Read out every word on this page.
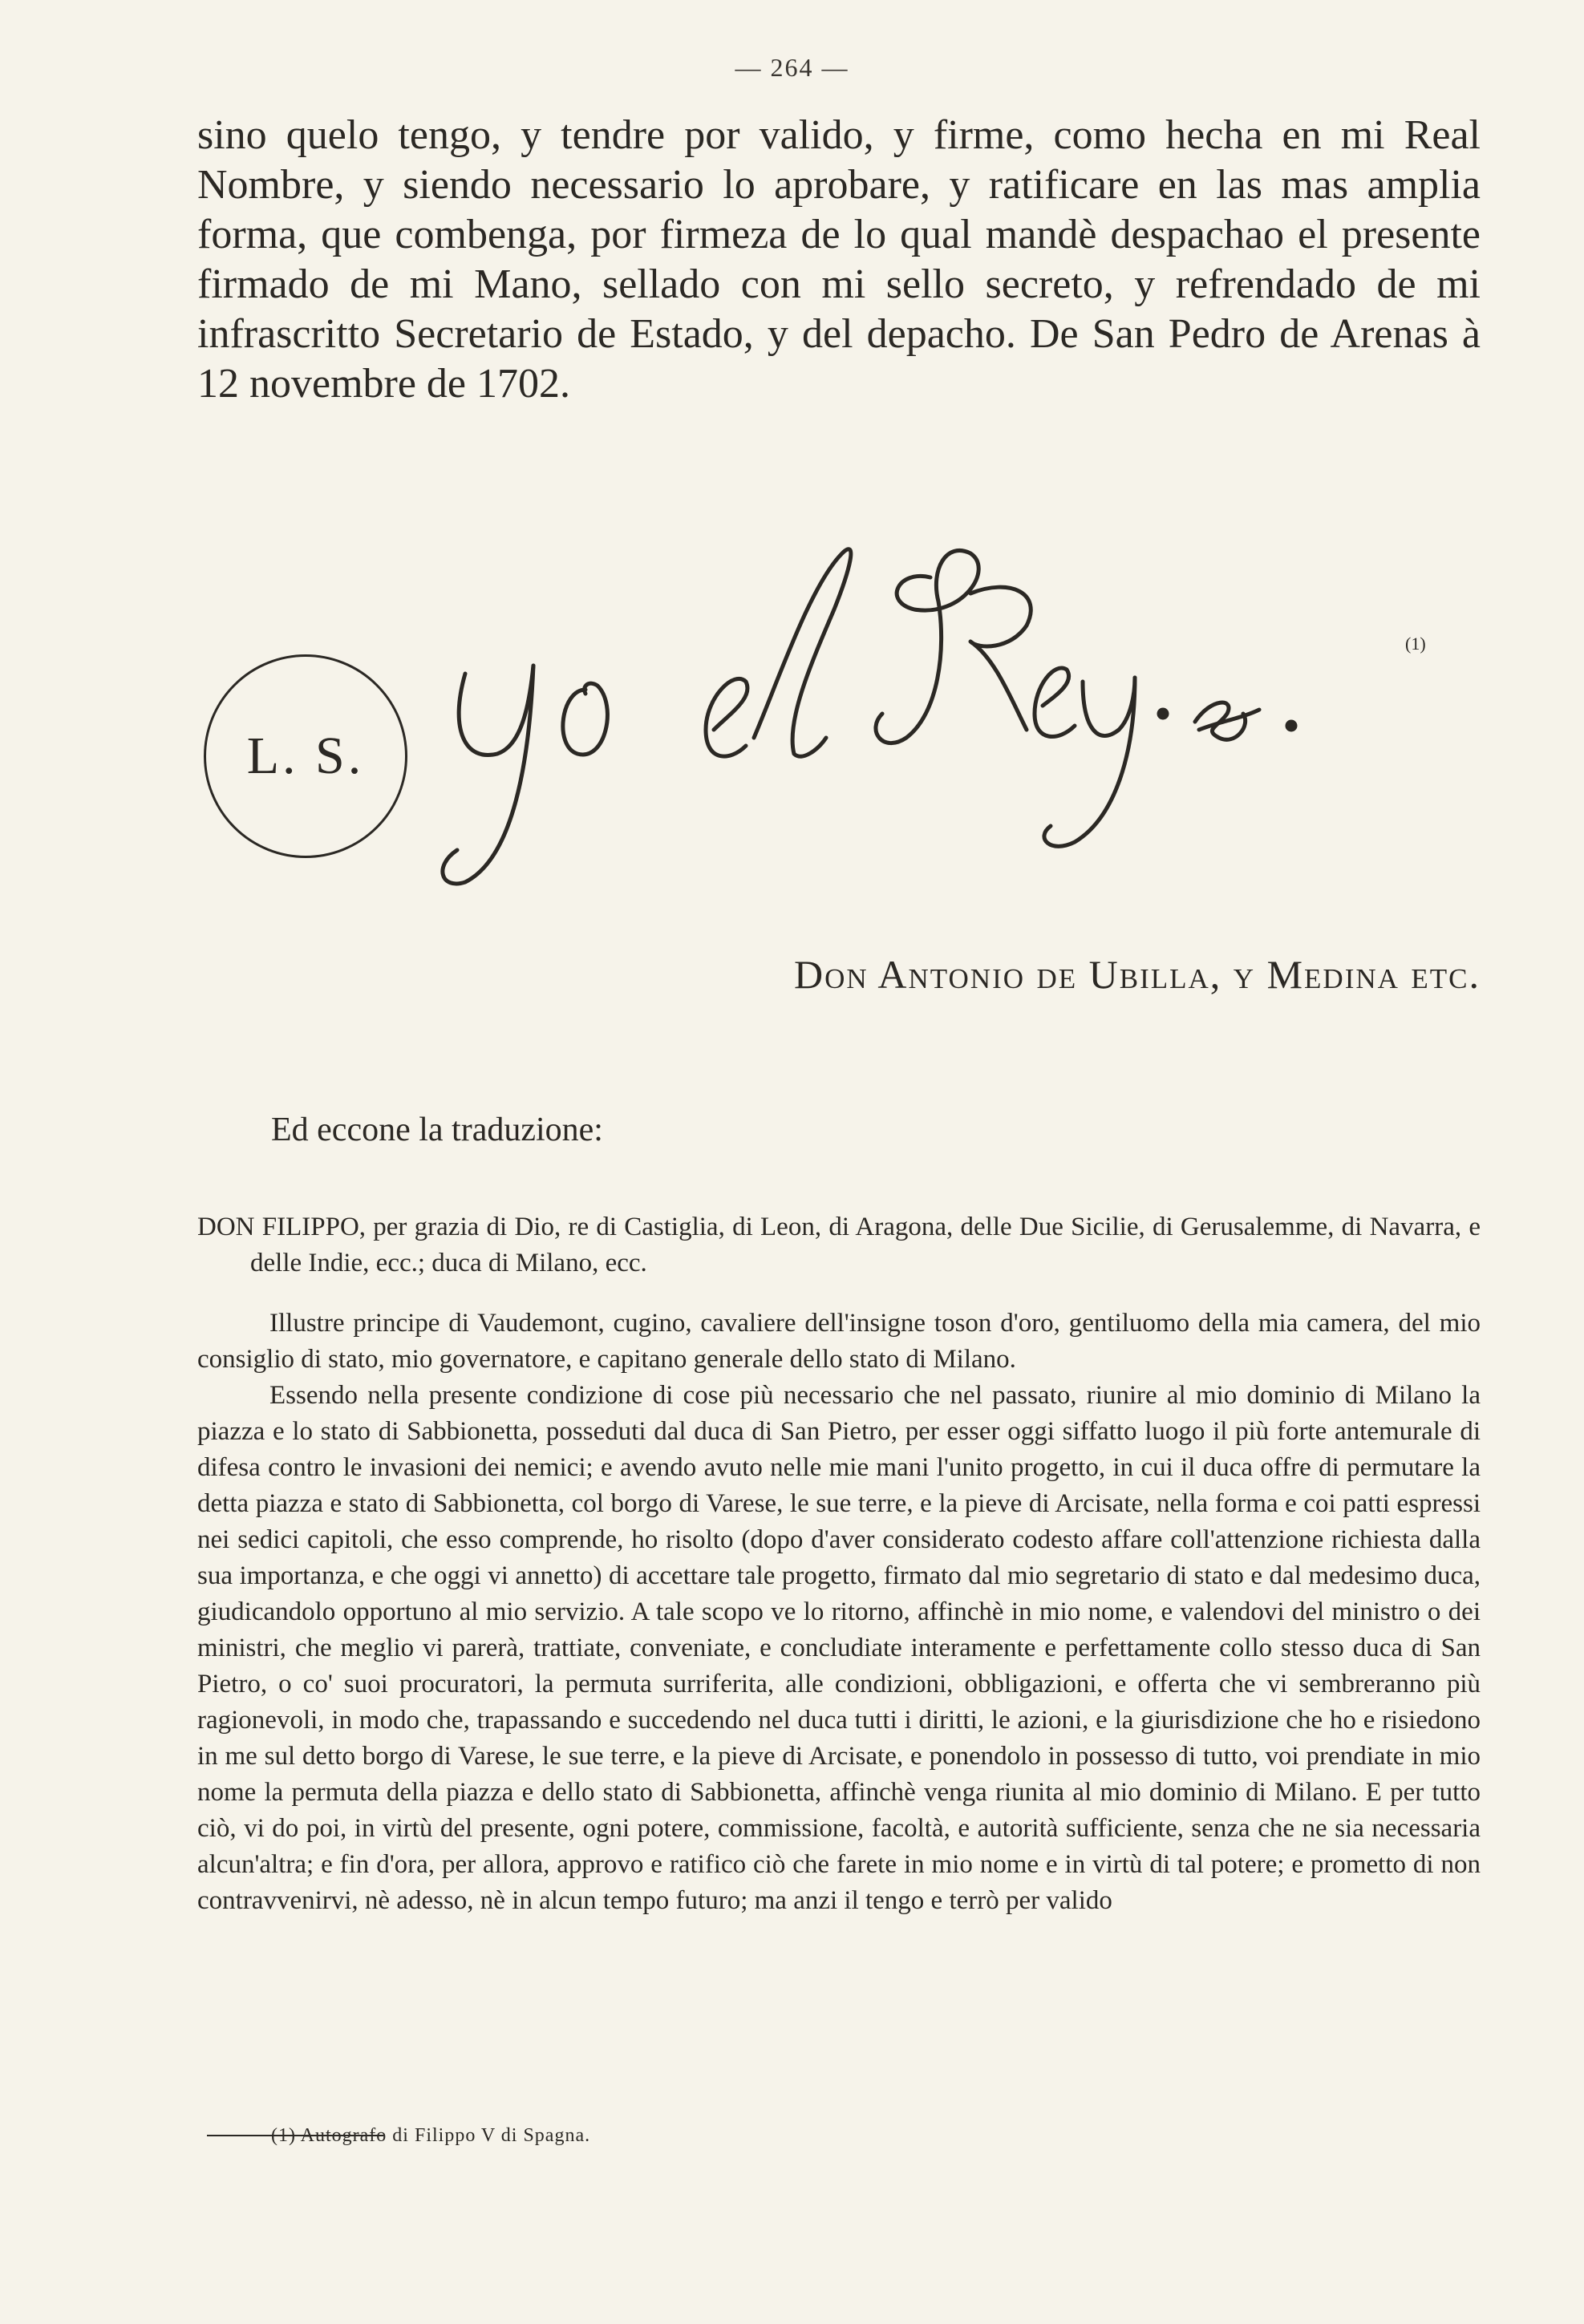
— 264 —
sino quelo tengo, y tendre por valido, y firme, como hecha en mi Real Nombre, y siendo necessario lo aprobare, y ratificare en las mas amplia forma, que combenga, por firmeza de lo qual mandè despachao el presente firmado de mi Mano, sellado con mi sello secreto, y refrendado de mi infrascritto Secretario de Estado, y del depacho. De San Pedro de Arenas à 12 novembre de 1702.
L. S.
(1)
Don Antonio de Ubilla, y Medina etc.
Ed eccone la traduzione:

DON FILIPPO, per grazia di Dio, re di Castiglia, di Leon, di Aragona, delle Due Sicilie, di Gerusalemme, di Navarra, e delle Indie, ecc.; duca di Milano, ecc.

Illustre principe di Vaudemont, cugino, cavaliere dell'insigne toson d'oro, gentiluomo della mia camera, del mio consiglio di stato, mio governatore, e capitano generale dello stato di Milano.

Essendo nella presente condizione di cose più necessario che nel passato, riunire al mio dominio di Milano la piazza e lo stato di Sabbionetta, posseduti dal duca di San Pietro, per esser oggi siffatto luogo il più forte antemurale di difesa contro le invasioni dei nemici; e avendo avuto nelle mie mani l'unito progetto, in cui il duca offre di permutare la detta piazza e stato di Sabbionetta, col borgo di Varese, le sue terre, e la pieve di Arcisate, nella forma e coi patti espressi nei sedici capitoli, che esso comprende, ho risolto (dopo d'aver considerato codesto affare coll'attenzione richiesta dalla sua importanza, e che oggi vi annetto) di accettare tale progetto, firmato dal mio segretario di stato e dal medesimo duca, giudicandolo opportuno al mio servizio. A tale scopo ve lo ritorno, affinchè in mio nome, e valendovi del ministro o dei ministri, che meglio vi parerà, trattiate, conveniate, e concludiate interamente e perfettamente collo stesso duca di San Pietro, o co' suoi procuratori, la permuta surriferita, alle condizioni, obbligazioni, e offerta che vi sembreranno più ragionevoli, in modo che, trapassando e succedendo nel duca tutti i diritti, le azioni, e la giurisdizione che ho e risiedono in me sul detto borgo di Varese, le sue terre, e la pieve di Arcisate, e ponendolo in possesso di tutto, voi prendiate in mio nome la permuta della piazza e dello stato di Sabbionetta, affinchè venga riunita al mio dominio di Milano. E per tutto ciò, vi do poi, in virtù del presente, ogni potere, commissione, facoltà, e autorità sufficiente, senza che ne sia necessaria alcun'altra; e fin d'ora, per allora, approvo e ratifico ciò che farete in mio nome e in virtù di tal potere; e prometto di non contravvenirvi, nè adesso, nè in alcun tempo futuro; ma anzi il tengo e terrò per valido

(1) Autografo di Filippo V di Spagna.
